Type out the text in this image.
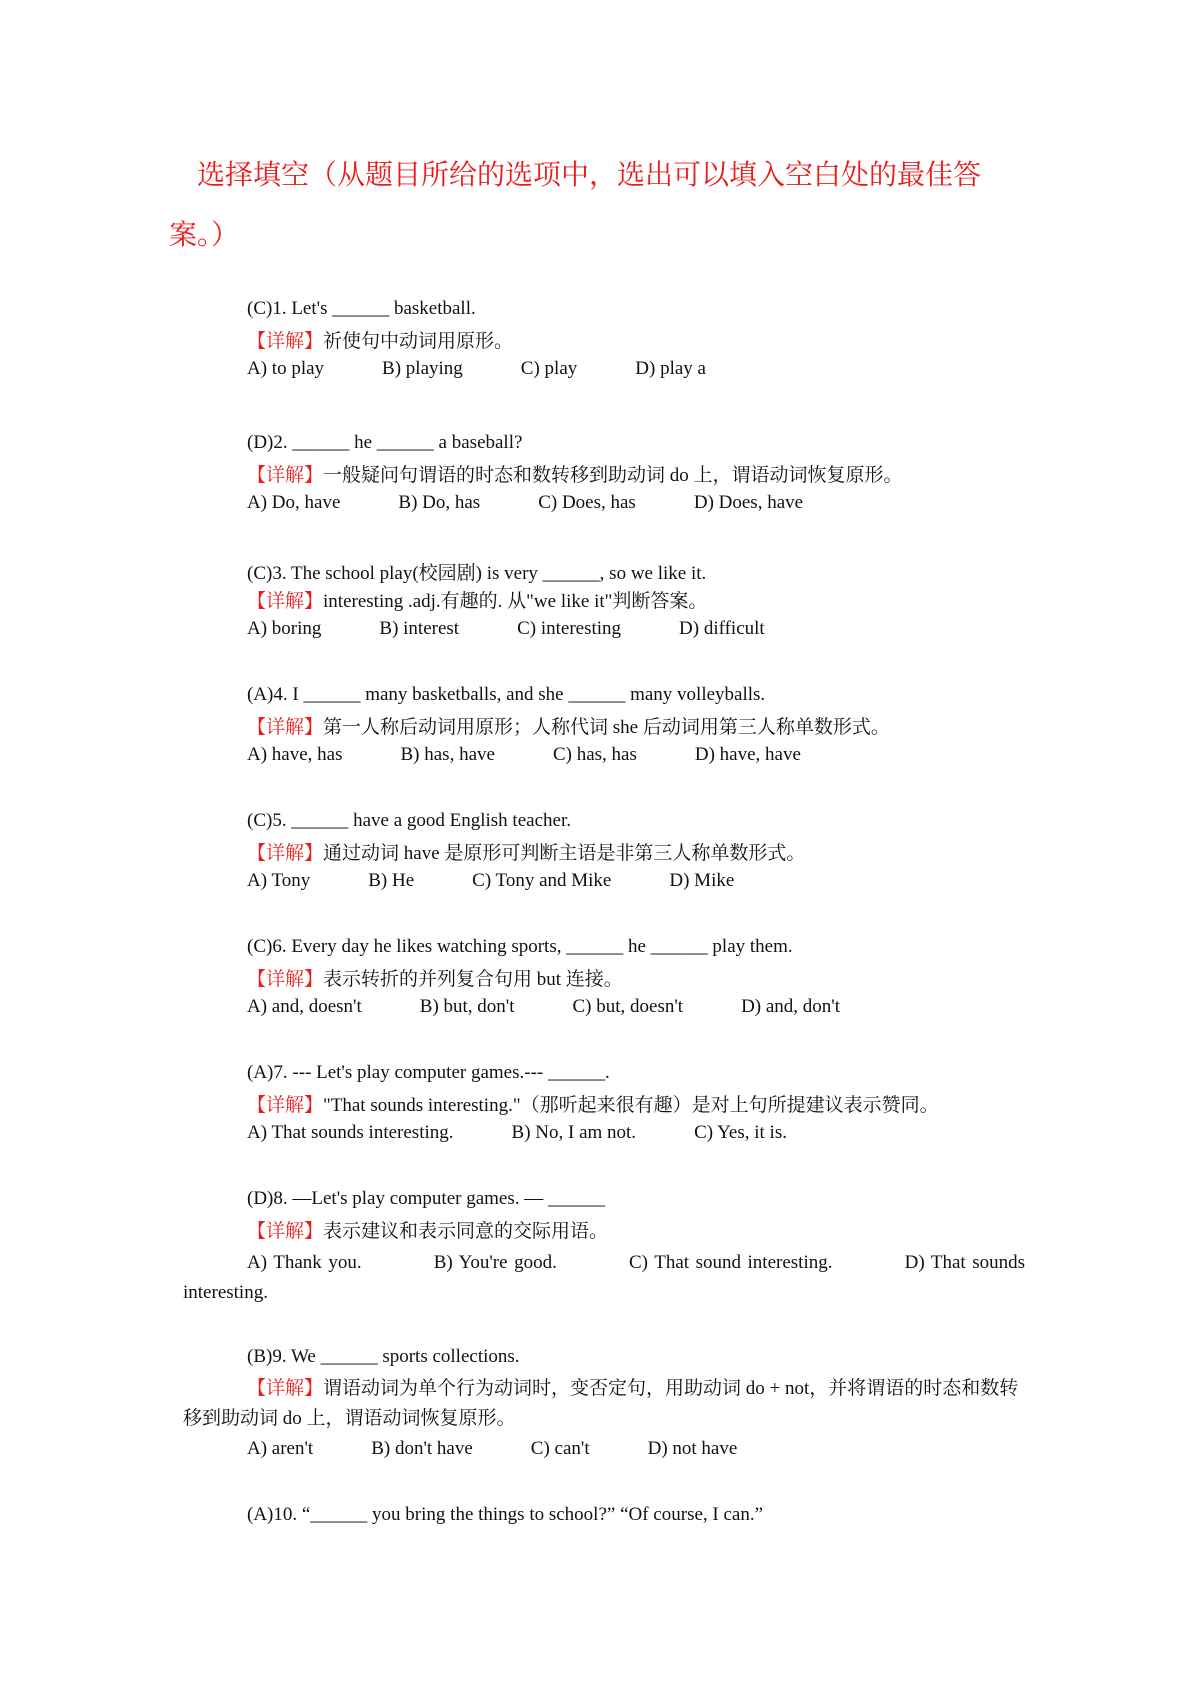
选择填空（从题目所给的选项中，选出可以填入空白处的最佳答
案。）
(C)1. Let's ______ basketball.
【详解】祈使句中动词用原形。
A) to play	B) playing	C) play	D) play a
(D)2. ______ he ______ a baseball?
【详解】一般疑问句谓语的时态和数转移到助动词 do 上，谓语动词恢复原形。
A) Do, have	B) Do, has	C) Does, has	D) Does, have
(C)3. The school play(校园剧) is very ______, so we like it.
【详解】interesting .adj.有趣的. 从"we like it"判断答案。
A) boring	B) interest	C) interesting	D) difficult
(A)4. I ______ many basketballs, and she ______ many volleyballs.
【详解】第一人称后动词用原形；人称代词 she 后动词用第三人称单数形式。
A) have, has	B) has, have	C) has, has	D) have, have
(C)5. ______ have a good English teacher.
【详解】通过动词 have 是原形可判断主语是非第三人称单数形式。
A) Tony	B) He	C) Tony and Mike	D) Mike
(C)6. Every day he likes watching sports, ______ he ______ play them.
【详解】表示转折的并列复合句用 but 连接。
A) and, doesn't	B) but, don't	C) but, doesn't	D) and, don't
(A)7. --- Let's play computer games.--- ______.
【详解】"That sounds interesting."（那听起来很有趣）是对上句所提建议表示赞同。
A) That sounds interesting.	B) No, I am not.	C) Yes, it is.
(D)8. —Let's play computer games. — ______
【详解】表示建议和表示同意的交际用语。
A) Thank you.	B) You're good.	C) That sound interesting.	D) That sounds interesting.
(B)9. We ______ sports collections.
【详解】谓语动词为单个行为动词时，变否定句，用助动词 do + not，并将谓语的时态和数转移到助动词 do 上，谓语动词恢复原形。
A) aren't	B) don't have	C) can't	D) not have
(A)10. “______ you bring the things to school?” “Of course, I can.”
